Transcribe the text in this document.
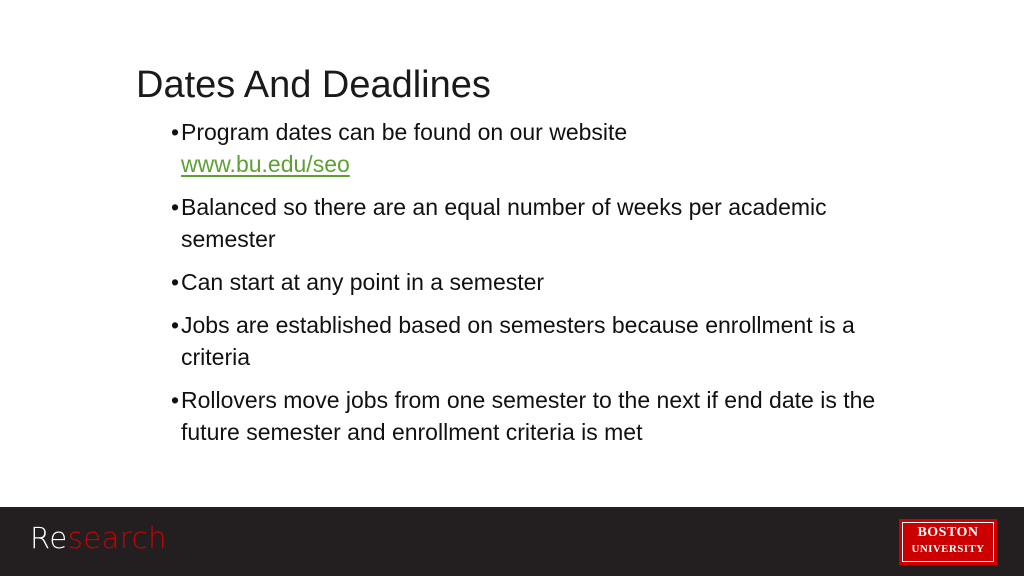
Dates And Deadlines
• Program dates can be found on our website
www.bu.edu/seo
• Balanced so there are an equal number of weeks per academic semester
• Can start at any point in a semester
• Jobs are established based on semesters because enrollment is a criteria
• Rollovers move jobs from one semester to the next if end date is the future semester and enrollment criteria is met
Research	BOSTON
UNIVERSITY
